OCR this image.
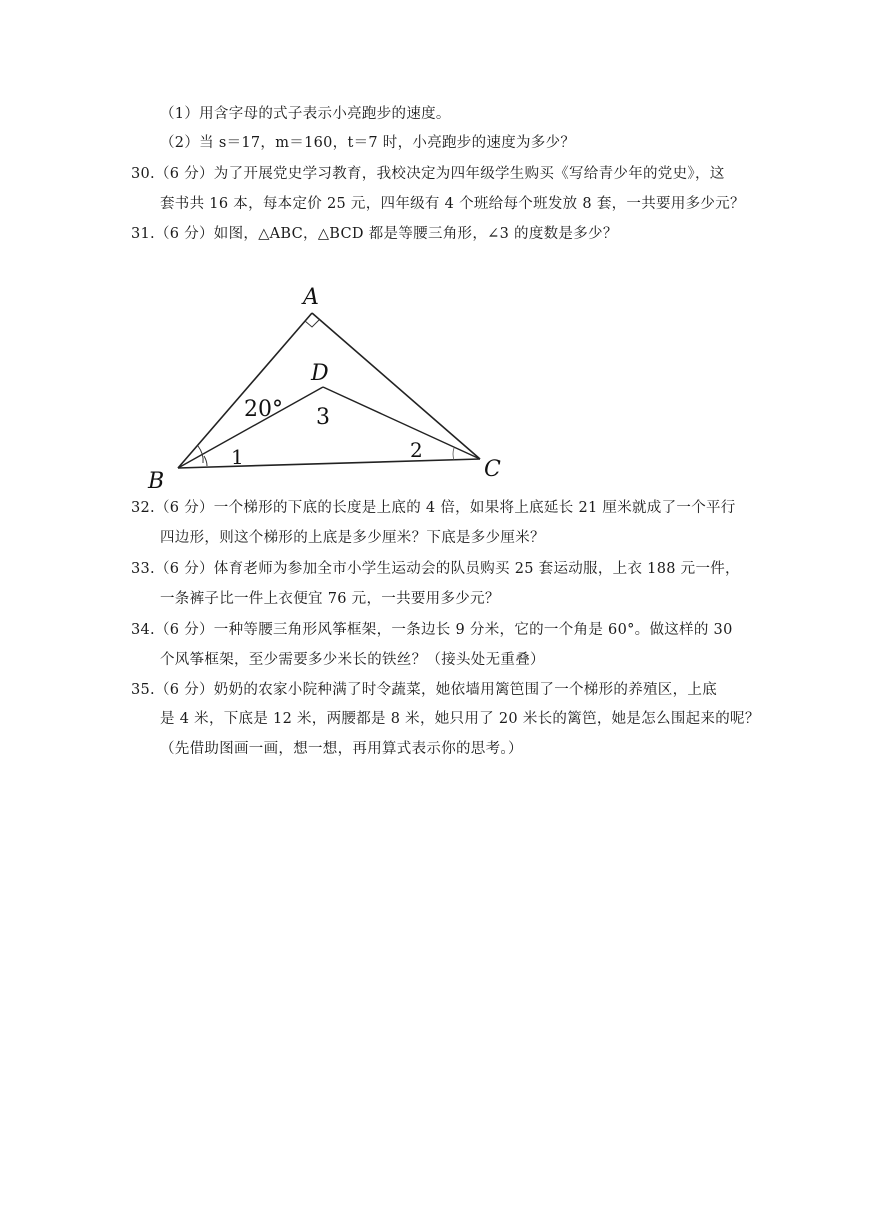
（1）用含字母的式子表示小亮跑步的速度。
（2）当 s＝17，m＝160，t＝7 时，小亮跑步的速度为多少？
30.（6 分）为了开展党史学习教育，我校决定为四年级学生购买《写给青少年的党史》，这
套书共 16 本，每本定价 25 元，四年级有 4 个班给每个班发放 8 套，一共要用多少元？
31.（6 分）如图，△ABC，△BCD 都是等腰三角形，∠3 的度数是多少？
A
B	C
D
20° 3
1	2
32.（6 分）一个梯形的下底的长度是上底的 4 倍，如果将上底延长 21 厘米就成了一个平行
四边形，则这个梯形的上底是多少厘米？下底是多少厘米？
33.（6 分）体育老师为参加全市小学生运动会的队员购买 25 套运动服，上衣 188 元一件，
一条裤子比一件上衣便宜 76 元，一共要用多少元？
34.（6 分）一种等腰三角形风筝框架，一条边长 9 分米，它的一个角是 60°。做这样的 30
个风筝框架，至少需要多少米长的铁丝？（接头处无重叠）
35.（6 分）奶奶的农家小院种满了时令蔬菜，她依墙用篱笆围了一个梯形的养殖区，上底
是 4 米，下底是 12 米，两腰都是 8 米，她只用了 20 米长的篱笆，她是怎么围起来的呢？
（先借助图画一画，想一想，再用算式表示你的思考。）
